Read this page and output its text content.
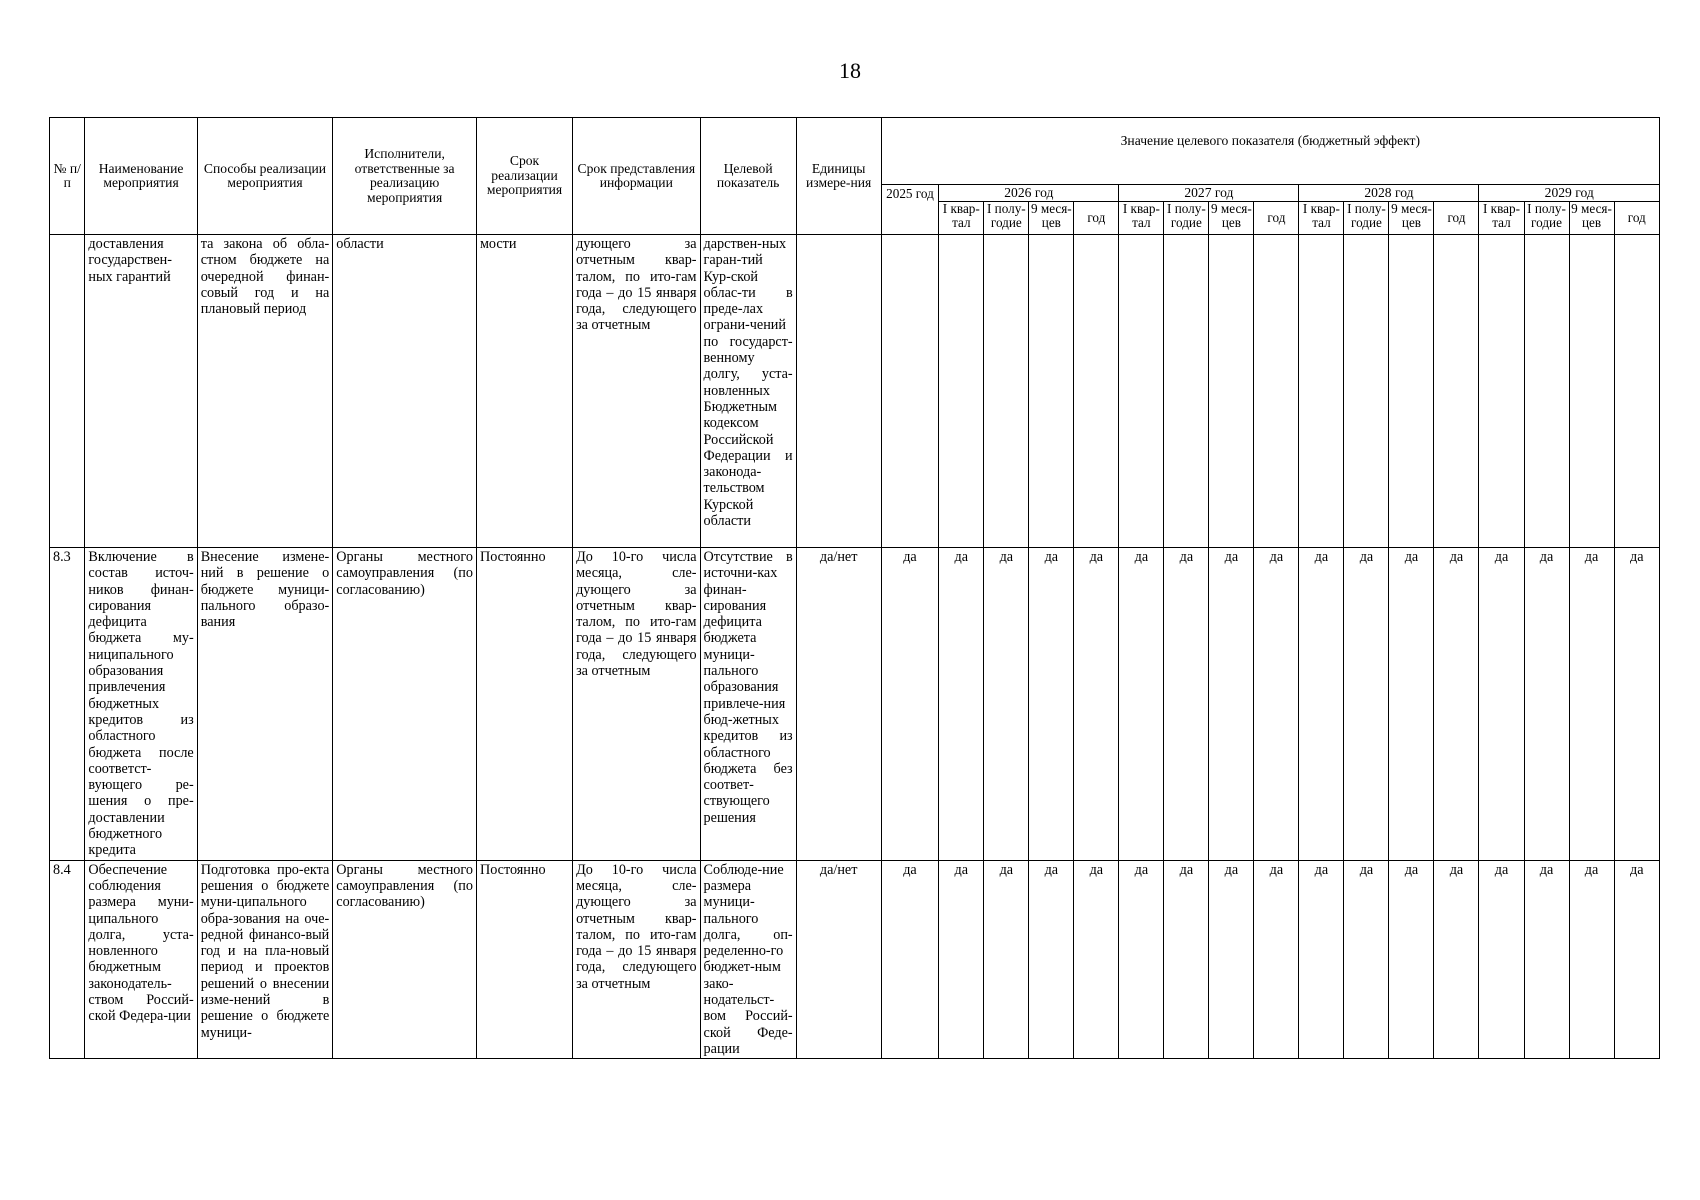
18
№ п/п	Наименование мероприятия	Способы реализации мероприятия	Исполнители, ответственные за реализацию мероприятия	Срок реализации мероприятия	Срок представления информации	Целевой показатель	Единицы измере-ния	Значение целевого показателя (бюджетный эффект)																
								2025 год	2026 год				2027 год				2028 год				2029 год			
									I квар-тал	I полу-годие	9 меся-цев	год	I квар-тал	I полу-годие	9 меся-цев	год	I квар-тал	I полу-годие	9 меся-цев	год	I квар-тал	I полу-годие	9 меся-цев	год
	доставления государствен-ных гарантий	та закона об обла-стном бюджете на очередной финан-совый год и на плановый период	области	мости	дующего за отчетным квар-талом, по ито-гам года – до 15 января года, следующего за отчетным	дарствен-ных гаран-тий Кур-ской облас-ти в преде-лах ограни-чений по государст-венному долгу, уста-новленных Бюджетным кодексом Российской Федерации и законода-тельством Курской области																		
8.3	Включение в состав источ-ников финан-сирования дефицита бюджета му-ниципального образования привлечения бюджетных кредитов из областного бюджета после соответст-вующего ре-шения о пре-доставлении бюджетного кредита	Внесение измене-ний в решение о бюджете муници-пального образо-вания	Органы местного самоуправления (по согласованию)	Постоянно	До 10-го числа месяца, сле-дующего за отчетным квар-талом, по ито-гам года – до 15 января года, следующего за отчетным	Отсутствие в источни-ках финан-сирования дефицита бюджета муници-пального образования привлече-ния бюд-жетных кредитов из областного бюджета без соответ-ствующего решения	да/нет	да	да	да	да	да	да	да	да	да	да	да	да	да	да	да	да	да
8.4	Обеспечение соблюдения размера муни-ципального долга, уста-новленного бюджетным законодатель-ством Россий-ской Федера-ции	Подготовка про-екта решения о бюджете муни-ципального обра-зования на оче-редной финансо-вый год и на пла-новый период и проектов решений о внесении изме-нений в решение о бюджете муници-	Органы местного самоуправления (по согласованию)	Постоянно	До 10-го числа месяца, сле-дующего за отчетным квар-талом, по ито-гам года – до 15 января года, следующего за отчетным	Соблюде-ние размера муници-пального долга, оп-ределенно-го бюджет-ным зако-нодательст-вом Россий-ской Феде-рации	да/нет	да	да	да	да	да	да	да	да	да	да	да	да	да	да	да	да	да
